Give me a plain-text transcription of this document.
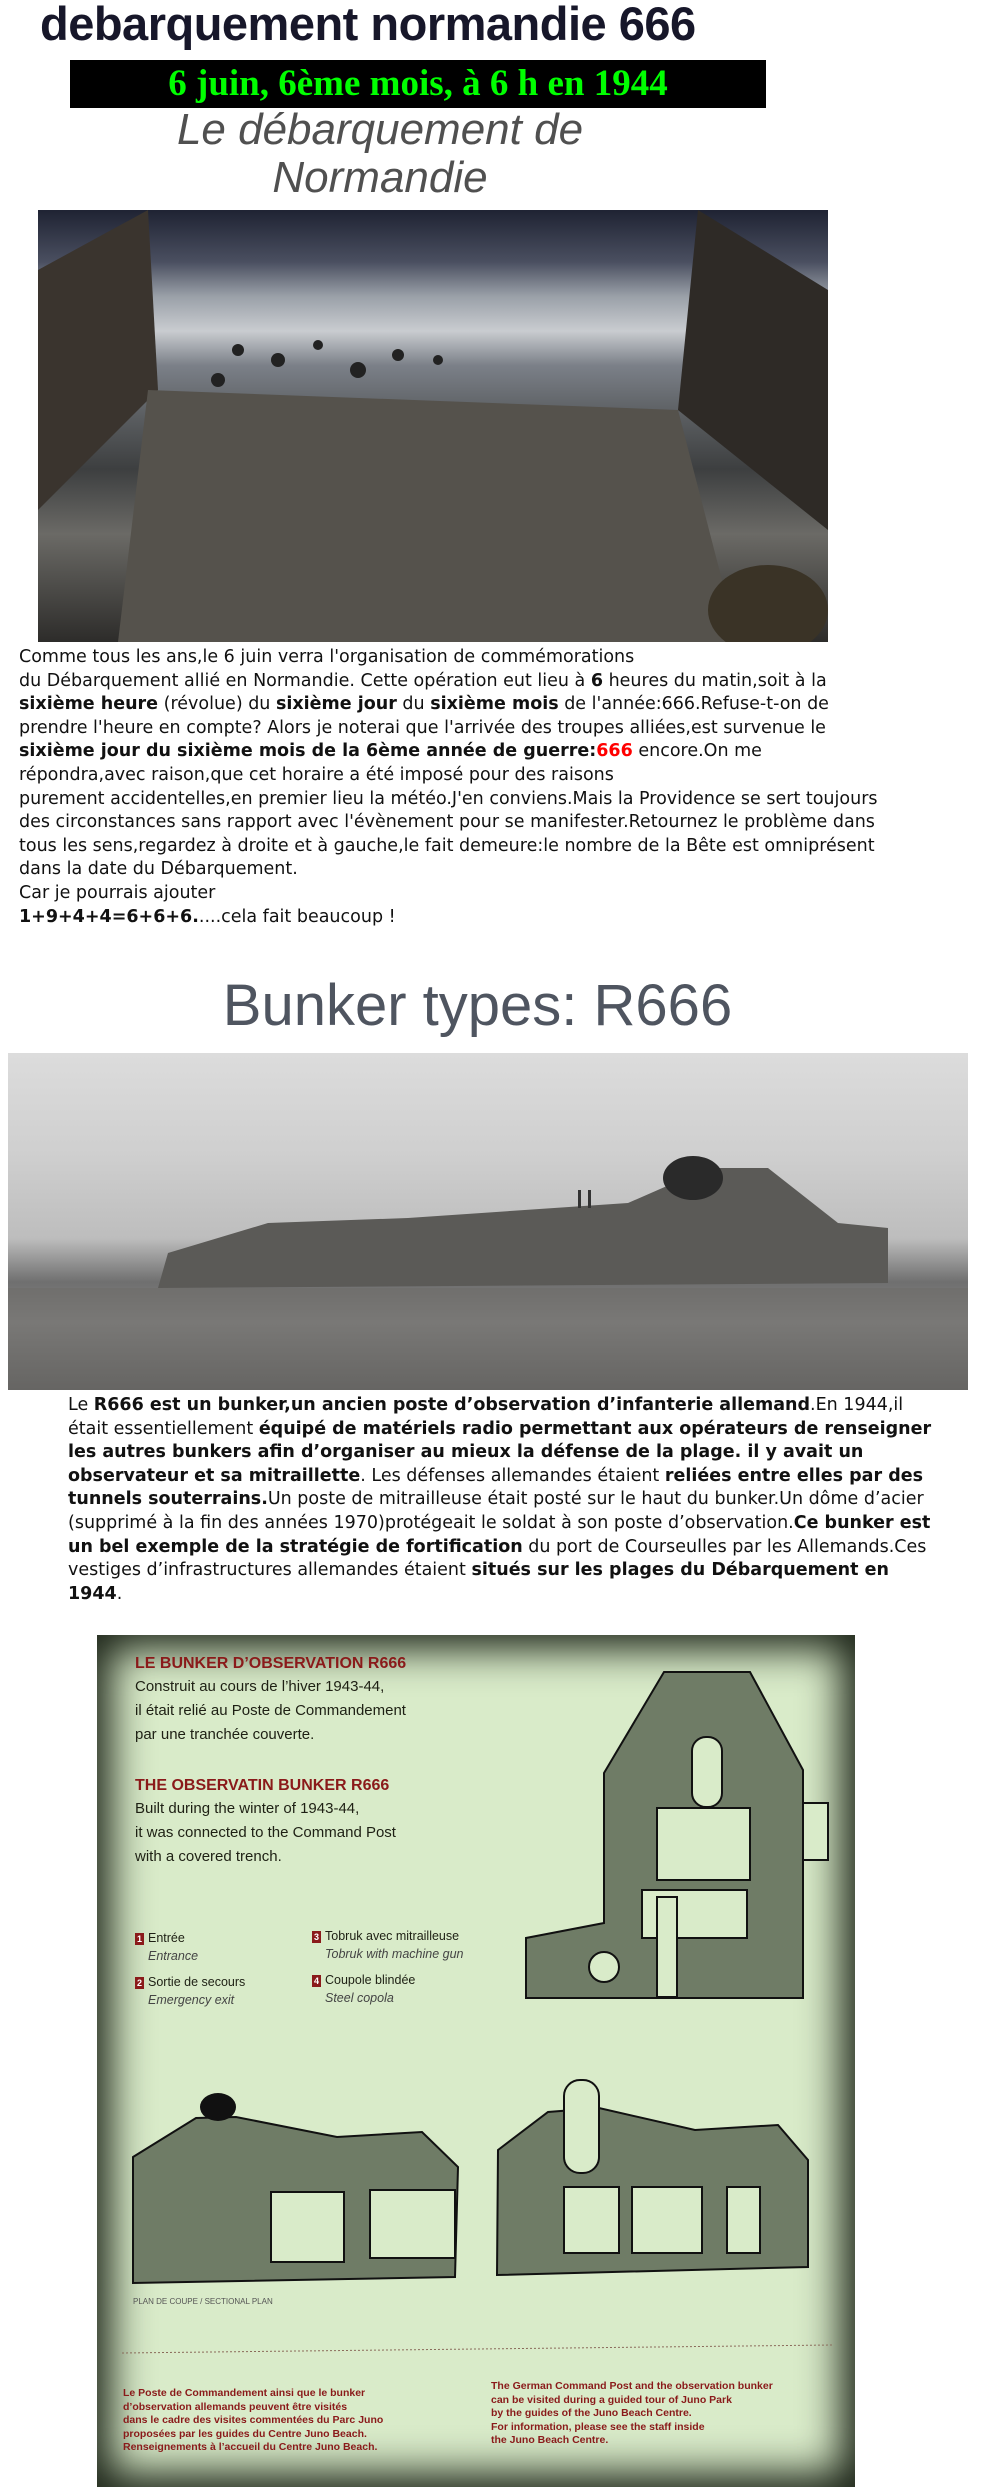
debarquement normandie 666
6 juin, 6ème mois, à 6 h en 1944
Le débarquement de
Normandie
Comme tous les ans,le 6 juin verra l'organisation de commémorations
du Débarquement allié en Normandie. Cette opération eut lieu à 6 heures du matin,soit à la sixième heure (révolue) du sixième jour du sixième mois de l'année:666.Refuse-t-on de prendre l'heure en compte? Alors je noterai que l'arrivée des troupes alliées,est survenue le sixième jour du sixième mois de la 6ème année de guerre:666 encore.On me répondra,avec raison,que cet horaire a été imposé pour des raisons
purement accidentelles,en premier lieu la météo.J'en conviens.Mais la Providence se sert toujours des circonstances sans rapport avec l'évènement pour se manifester.Retournez le problème dans tous les sens,regardez à droite et à gauche,le fait demeure:le nombre de la Bête est omniprésent dans la date du Débarquement.
Car je pourrais ajouter
1+9+4+4=6+6+6.....cela fait beaucoup !
Bunker types: R666
Le R666 est un bunker,un ancien poste d’observation d’infanterie allemand.En 1944,il était essentiellement équipé de matériels radio permettant aux opérateurs de renseigner les autres bunkers afin d’organiser au mieux la défense de la plage. il y avait un observateur et sa mitraillette. Les défenses allemandes étaient reliées entre elles par des tunnels souterrains.Un poste de mitrailleuse était posté sur le haut du bunker.Un dôme d’acier (supprimé à la fin des années 1970)protégeait le soldat à son poste d’observation.Ce bunker est un bel exemple de la stratégie de fortification du port de Courseulles par les Allemands.Ces vestiges d’infrastructures allemandes étaient situés sur les plages du Débarquement en 1944.
LE BUNKER D’OBSERVATION R666
Construit au cours de l’hiver 1943-44,
il était relié au Poste de Commandement
par une tranchée couverte.
THE OBSERVATIN BUNKER R666
Built during the winter of 1943-44,
it was connected to the Command Post
with a covered trench.
1 Entrée
Entrance
2 Sortie de secours
Emergency exit
3 Tobruk avec mitrailleuse
Tobruk with machine gun
4 Coupole blindée
Steel copola
PLAN DE COUPE / SECTIONAL PLAN
Le Poste de Commandement ainsi que le bunker
d’observation allemands peuvent être visités
dans le cadre des visites commentées du Parc Juno
proposées par les guides du Centre Juno Beach.
Renseignements à l’accueil du Centre Juno Beach.
The German Command Post and the observation bunker
can be visited during a guided tour of Juno Park
by the guides of the Juno Beach Centre.
For information, please see the staff inside
the Juno Beach Centre.
